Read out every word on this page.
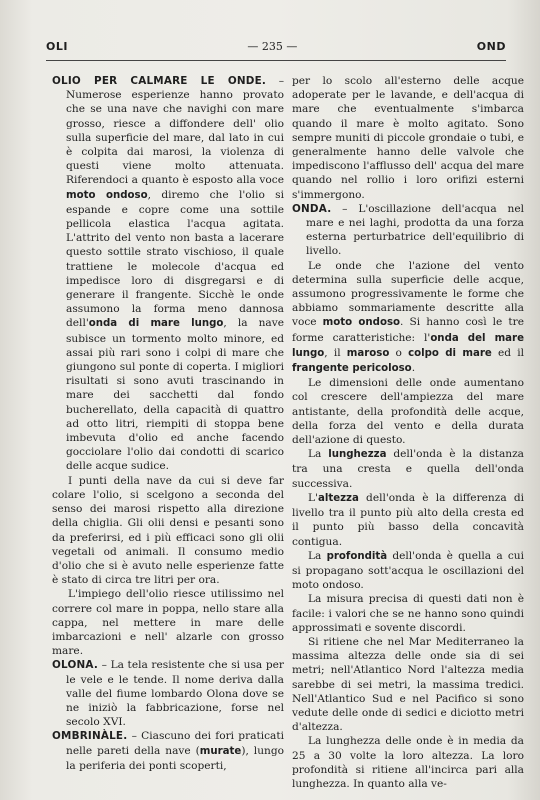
OLI	— 235 —	OND

OLIO PER CALMARE LE ONDE. – Numerose esperienze hanno provato che se una nave che navighi con mare grosso, riesce a diffondere dell' olio sulla superficie del mare, dal lato in cui è colpita dai marosi, la violenza di questi viene molto attenuata. Riferendoci a quanto è esposto alla voce moto ondoso, diremo che l'olio si espande e copre come una sottile pellicola elastica l'acqua agitata. L'attrito del vento non basta a lacerare questo sottile strato vischioso, il quale trattiene le molecole d'acqua ed impedisce loro di disgregarsi e di generare il frangente. Sicchè le onde assumono la forma meno dannosa dell'onda di mare lungo, la nave subisce un tormento molto minore, ed assai più rari sono i colpi di mare che giungono sul ponte di coperta. I migliori risultati si sono avuti trascinando in mare dei sacchetti dal fondo bucherellato, della capacità di quattro ad otto litri, riempiti di stoppa bene imbevuta d'olio ed anche facendo gocciolare l'olio dai condotti di scarico delle acque sudice.

I punti della nave da cui si deve far colare l'olio, si scelgono a seconda del senso dei marosi rispetto alla direzione della chiglia. Gli olii densi e pesanti sono da preferirsi, ed i più efficaci sono gli olii vegetali od animali. Il consumo medio d'olio che si è avuto nelle esperienze fatte è stato di circa tre litri per ora.

L'impiego dell'olio riesce utilissimo nel correre col mare in poppa, nello stare alla cappa, nel mettere in mare delle imbarcazioni e nell' alzarle con grosso mare.

OLONA. – La tela resistente che si usa per le vele e le tende. Il nome deriva dalla valle del fiume lombardo Olona dove se ne iniziò la fabbricazione, forse nel secolo XVI.

OMBRINÀLE. – Ciascuno dei fori praticati nelle pareti della nave (murate), lungo la periferia dei ponti scoperti,

per lo scolo all'esterno delle acque adoperate per le lavande, e dell'acqua di mare che eventualmente s'imbarca quando il mare è molto agitato. Sono sempre muniti di piccole grondaie o tubi, e generalmente hanno delle valvole che impediscono l'afflusso dell' acqua del mare quando nel rollio i loro orifizi esterni s'immergono.

ONDA. – L'oscillazione dell'acqua nel mare e nei laghi, prodotta da una forza esterna perturbatrice dell'equilibrio di livello.

Le onde che l'azione del vento determina sulla superficie delle acque, assumono progressivamente le forme che abbiamo sommariamente descritte alla voce moto ondoso. Si hanno così le tre forme caratteristiche: l'onda del mare lungo, il maroso o colpo di mare ed il frangente pericoloso.

Le dimensioni delle onde aumentano col crescere dell'ampiezza del mare antistante, della profondità delle acque, della forza del vento e della durata dell'azione di questo.

La lunghezza dell'onda è la distanza tra una cresta e quella dell'onda successiva.

L'altezza dell'onda è la differenza di livello tra il punto più alto della cresta ed il punto più basso della concavità contigua.

La profondità dell'onda è quella a cui si propagano sott'acqua le oscillazioni del moto ondoso.

La misura precisa di questi dati non è facile: i valori che se ne hanno sono quindi approssimati e sovente discordi.

Si ritiene che nel Mar Mediterraneo la massima altezza delle onde sia di sei metri; nell'Atlantico Nord l'altezza media sarebbe di sei metri, la massima tredici. Nell'Atlantico Sud e nel Pacifico si sono vedute delle onde di sedici e diciotto metri d'altezza.

La lunghezza delle onde è in media da 25 a 30 volte la loro altezza. La loro profondità si ritiene all'incirca pari alla lunghezza. In quanto alla ve-
